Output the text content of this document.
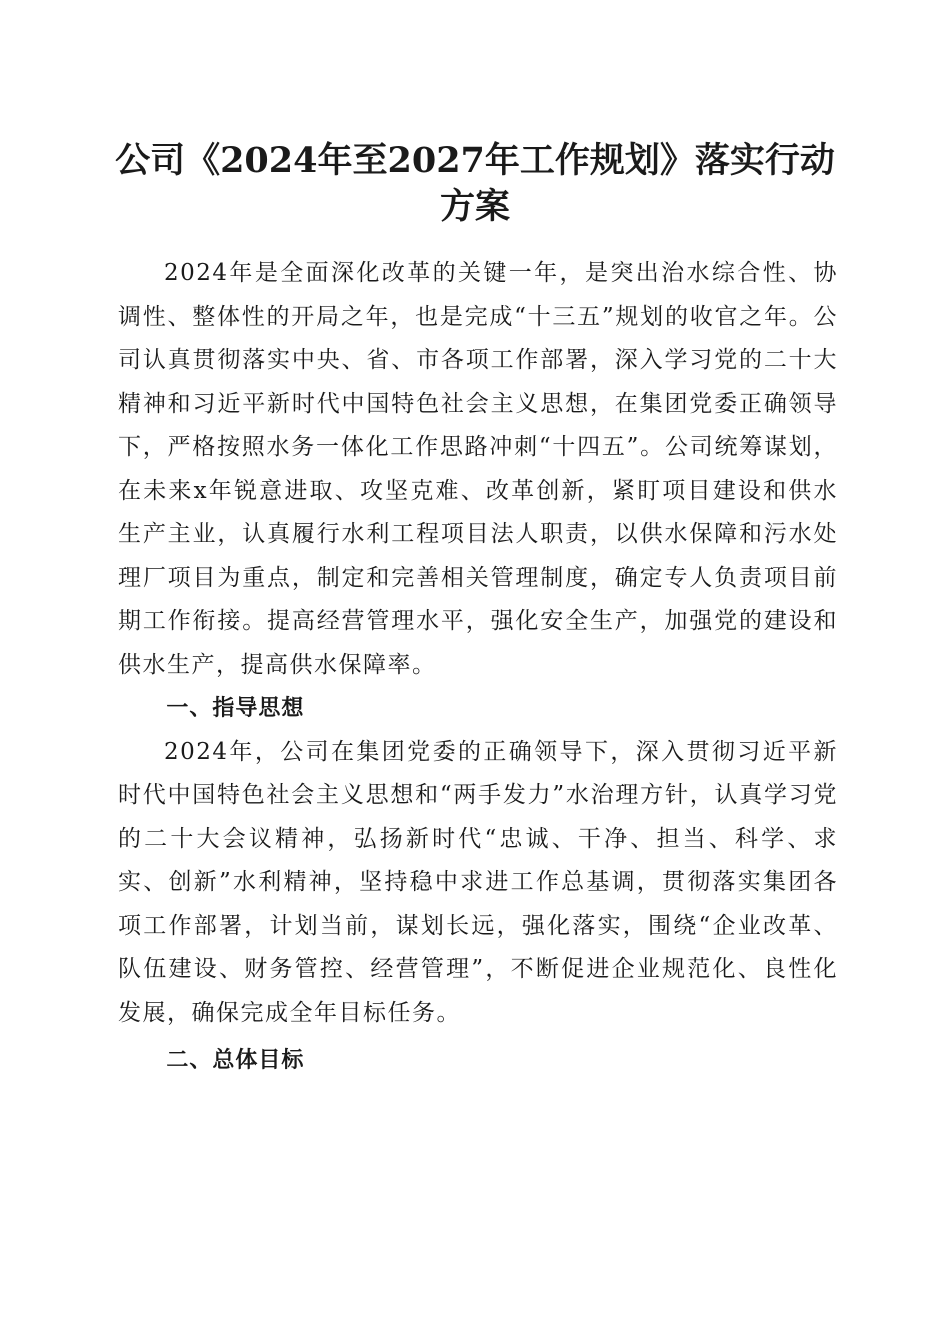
公司《2024年至2027年工作规划》落实行动
方案

2024年是全面深化改革的关键一年，是突出治水综合性、协调性、整体性的开局之年，也是完成“十三五”规划的收官之年。公司认真贯彻落实中央、省、市各项工作部署，深入学习党的二十大精神和习近平新时代中国特色社会主义思想，在集团党委正确领导下，严格按照水务一体化工作思路冲刺“十四五”。公司统筹谋划，在未来x年锐意进取、攻坚克难、改革创新，紧盯项目建设和供水生产主业，认真履行水利工程项目法人职责，以供水保障和污水处理厂项目为重点，制定和完善相关管理制度，确定专人负责项目前期工作衔接。提高经营管理水平，强化安全生产，加强党的建设和供水生产，提高供水保障率。

一、指导思想

2024年，公司在集团党委的正确领导下，深入贯彻习近平新时代中国特色社会主义思想和“两手发力”水治理方针，认真学习党的二十大会议精神，弘扬新时代“忠诚、干净、担当、科学、求实、创新”水利精神，坚持稳中求进工作总基调，贯彻落实集团各项工作部署，计划当前，谋划长远，强化落实，围绕“企业改革、队伍建设、财务管控、经营管理”，不断促进企业规范化、良性化发展，确保完成全年目标任务。

二、总体目标
